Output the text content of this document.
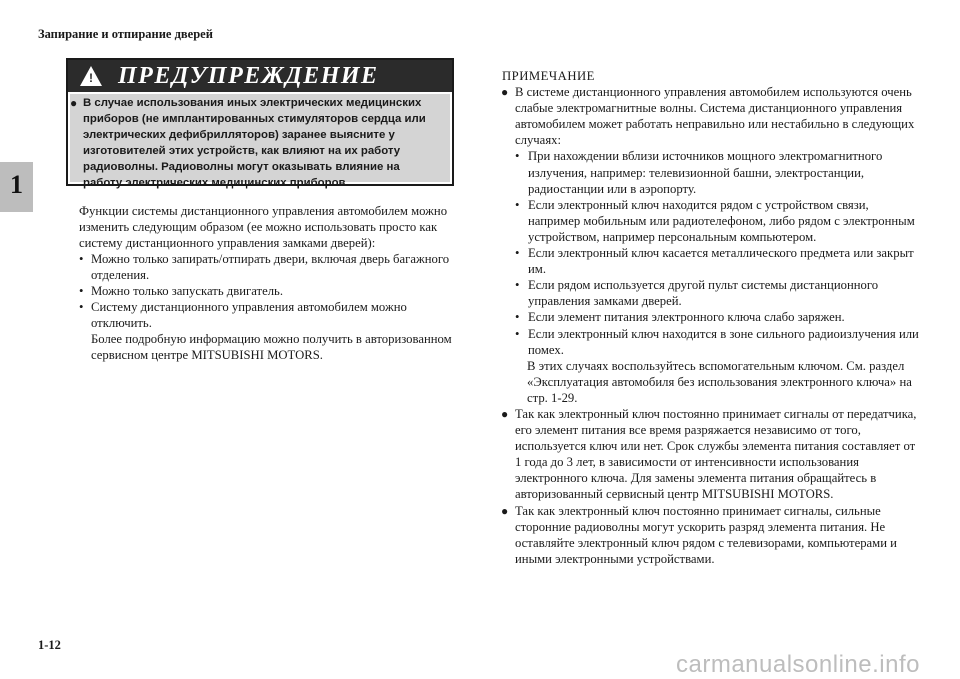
Запирание и отпирание дверей
1
! ПРЕДУПРЕЖДЕНИЕ
● В случае использования иных электрических медицинских приборов (не имплантированных стимуляторов сердца или электрических дефибрилляторов) заранее выясните у изготовителей этих устройств, как влияют на их работу радиоволны. Радиоволны могут оказывать влияние на работу электрических медицинских приборов.

Функции системы дистанционного управления автомобилем можно изменить следующим образом (ее можно использовать просто как систему дистанционного управления замками дверей):

• Можно только запирать/отпирать двери, включая дверь багажного отделения.
• Можно только запускать двигатель.
• Систему дистанционного управления автомобилем можно отключить.

Более подробную информацию можно получить в авторизованном сервисном центре MITSUBISHI MOTORS.

ПРИМЕЧАНИЕ

● В системе дистанционного управления автомобилем используются очень слабые электромагнитные волны. Система дистанционного управления автомобилем может работать неправильно или нестабильно в следующих случаях:

• При нахождении вблизи источников мощного электромагнитного излучения, например: телевизионной башни, электростанции, радиостанции или в аэропорту.
• Если электронный ключ находится рядом с устройством связи, например мобильным или радиотелефоном, либо рядом с электронным устройством, например персональным компьютером.
• Если электронный ключ касается металлического предмета или закрыт им.
• Если рядом используется другой пульт системы дистанционного управления замками дверей.
• Если элемент питания электронного ключа слабо заряжен.
• Если электронный ключ находится в зоне сильного радиоизлучения или помех.

В этих случаях воспользуйтесь вспомогательным ключом. См. раздел «Эксплуатация автомобиля без использования электронного ключа» на стр. 1-29.

● Так как электронный ключ постоянно принимает сигналы от передатчика, его элемент питания все время разряжается независимо от того, используется ключ или нет. Срок службы элемента питания составляет от 1 года до 3 лет, в зависимости от интенсивности использования электронного ключа. Для замены элемента питания обращайтесь в авторизованный сервисный центр MITSUBISHI MOTORS.

● Так как электронный ключ постоянно принимает сигналы, сильные сторонние радиоволны могут ускорить разряд элемента питания. Не оставляйте электронный ключ рядом с телевизорами, компьютерами и иными электронными устройствами.

1-12
carmanualsonline.info
